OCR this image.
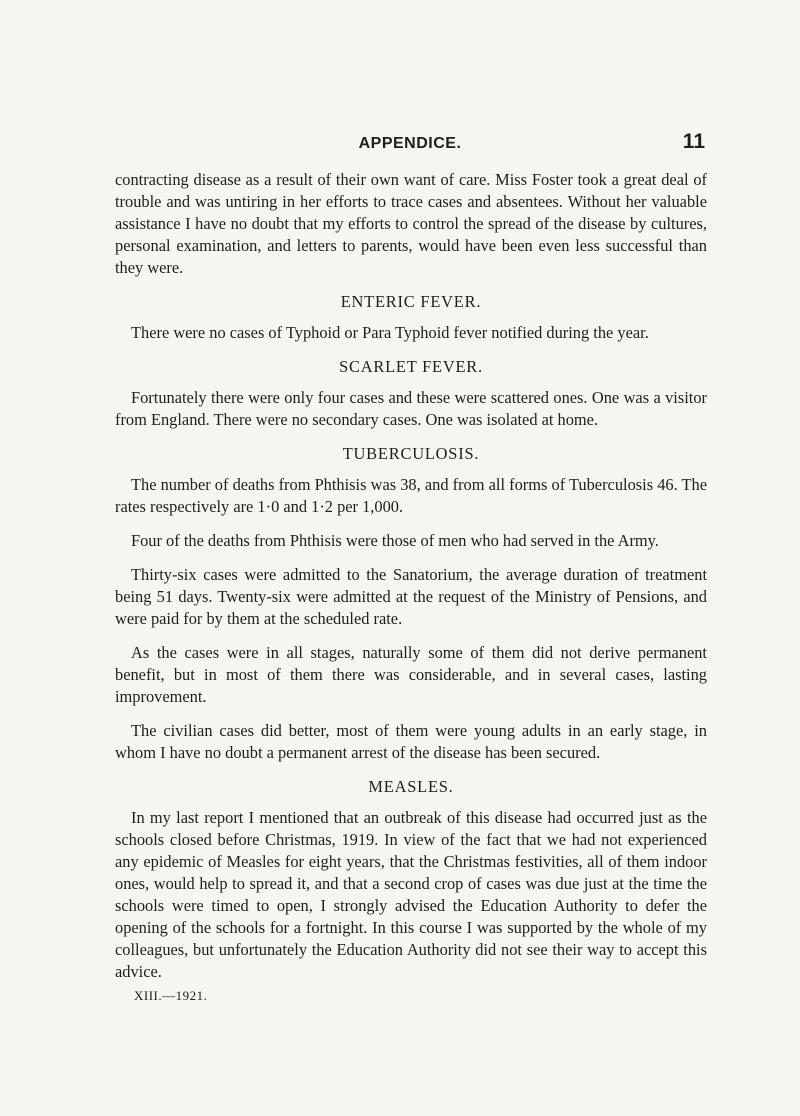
APPENDICE.	11

contracting disease as a result of their own want of care. Miss Foster took a great deal of trouble and was untiring in her efforts to trace cases and absentees. Without her valuable assistance I have no doubt that my efforts to control the spread of the disease by cultures, personal examination, and letters to parents, would have been even less successful than they were.

ENTERIC FEVER.

There were no cases of Typhoid or Para Typhoid fever notified during the year.

SCARLET FEVER.

Fortunately there were only four cases and these were scattered ones. One was a visitor from England. There were no secondary cases. One was isolated at home.

TUBERCULOSIS.

The number of deaths from Phthisis was 38, and from all forms of Tuberculosis 46. The rates respectively are 1·0 and 1·2 per 1,000.

Four of the deaths from Phthisis were those of men who had served in the Army.

Thirty-six cases were admitted to the Sanatorium, the average duration of treatment being 51 days. Twenty-six were admitted at the request of the Ministry of Pensions, and were paid for by them at the scheduled rate.

As the cases were in all stages, naturally some of them did not derive permanent benefit, but in most of them there was considerable, and in several cases, lasting improvement.

The civilian cases did better, most of them were young adults in an early stage, in whom I have no doubt a permanent arrest of the disease has been secured.

MEASLES.

In my last report I mentioned that an outbreak of this disease had occurred just as the schools closed before Christmas, 1919. In view of the fact that we had not experienced any epidemic of Measles for eight years, that the Christmas festivities, all of them indoor ones, would help to spread it, and that a second crop of cases was due just at the time the schools were timed to open, I strongly advised the Education Authority to defer the opening of the schools for a fortnight. In this course I was supported by the whole of my colleagues, but unfortunately the Education Authority did not see their way to accept this advice.

XIII.—1921.
